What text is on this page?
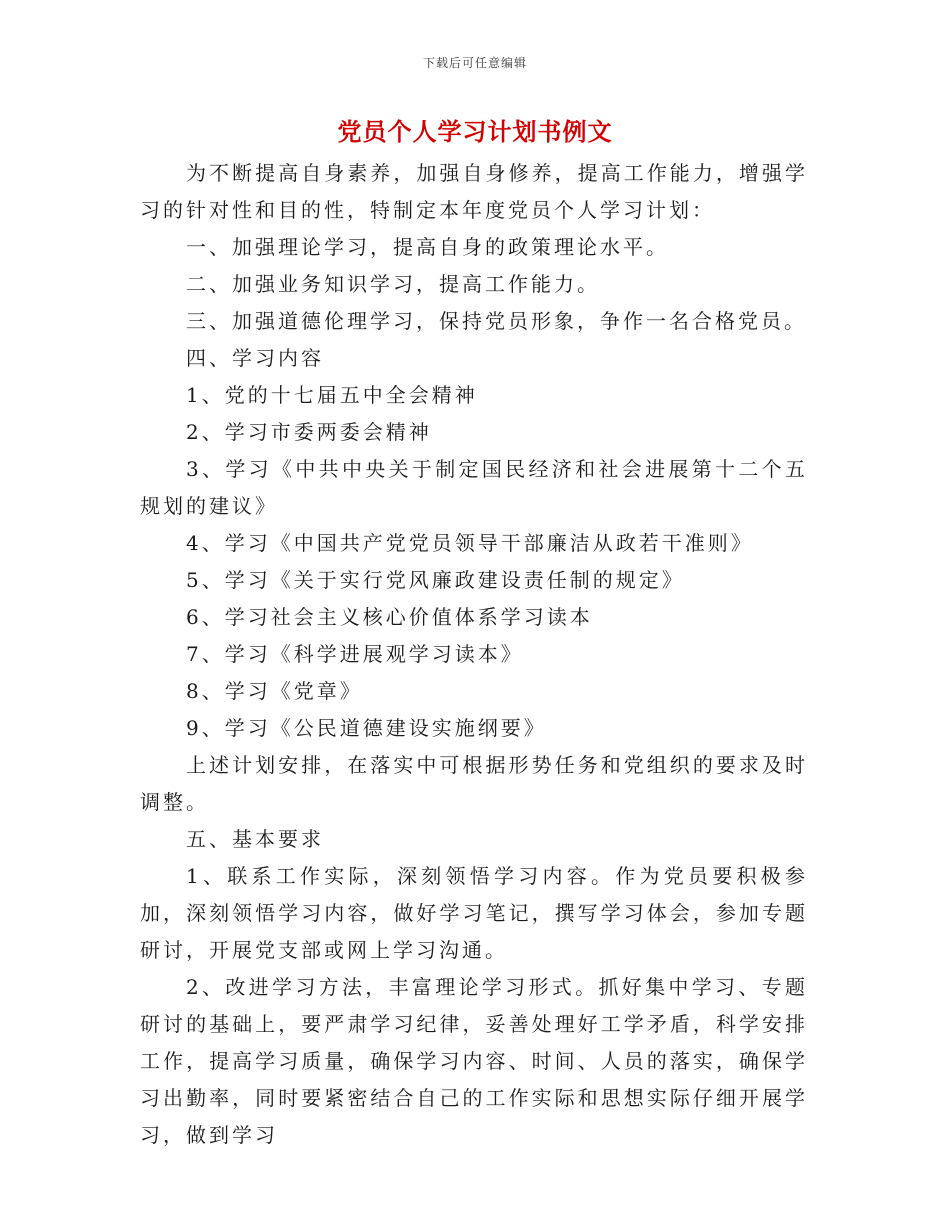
下载后可任意编辑
党员个人学习计划书例文

为不断提高自身素养，加强自身修养，提高工作能力，增强学习的针对性和目的性，特制定本年度党员个人学习计划：

一、加强理论学习，提高自身的政策理论水平。

二、加强业务知识学习，提高工作能力。

三、加强道德伦理学习，保持党员形象，争作一名合格党员。

四、学习内容

1、党的十七届五中全会精神

2、学习市委两委会精神

3、学习《中共中央关于制定国民经济和社会进展第十二个五规划的建议》

4、学习《中国共产党党员领导干部廉洁从政若干准则》

5、学习《关于实行党风廉政建设责任制的规定》

6、学习社会主义核心价值体系学习读本

7、学习《科学进展观学习读本》

8、学习《党章》

9、学习《公民道德建设实施纲要》

上述计划安排，在落实中可根据形势任务和党组织的要求及时调整。

五、基本要求

1、联系工作实际，深刻领悟学习内容。作为党员要积极参加，深刻领悟学习内容，做好学习笔记，撰写学习体会，参加专题研讨，开展党支部或网上学习沟通。

2、改进学习方法，丰富理论学习形式。抓好集中学习、专题研讨的基础上，要严肃学习纪律，妥善处理好工学矛盾，科学安排工作，提高学习质量，确保学习内容、时间、人员的落实，确保学习出勤率，同时要紧密结合自己的工作实际和思想实际仔细开展学习，做到学习
